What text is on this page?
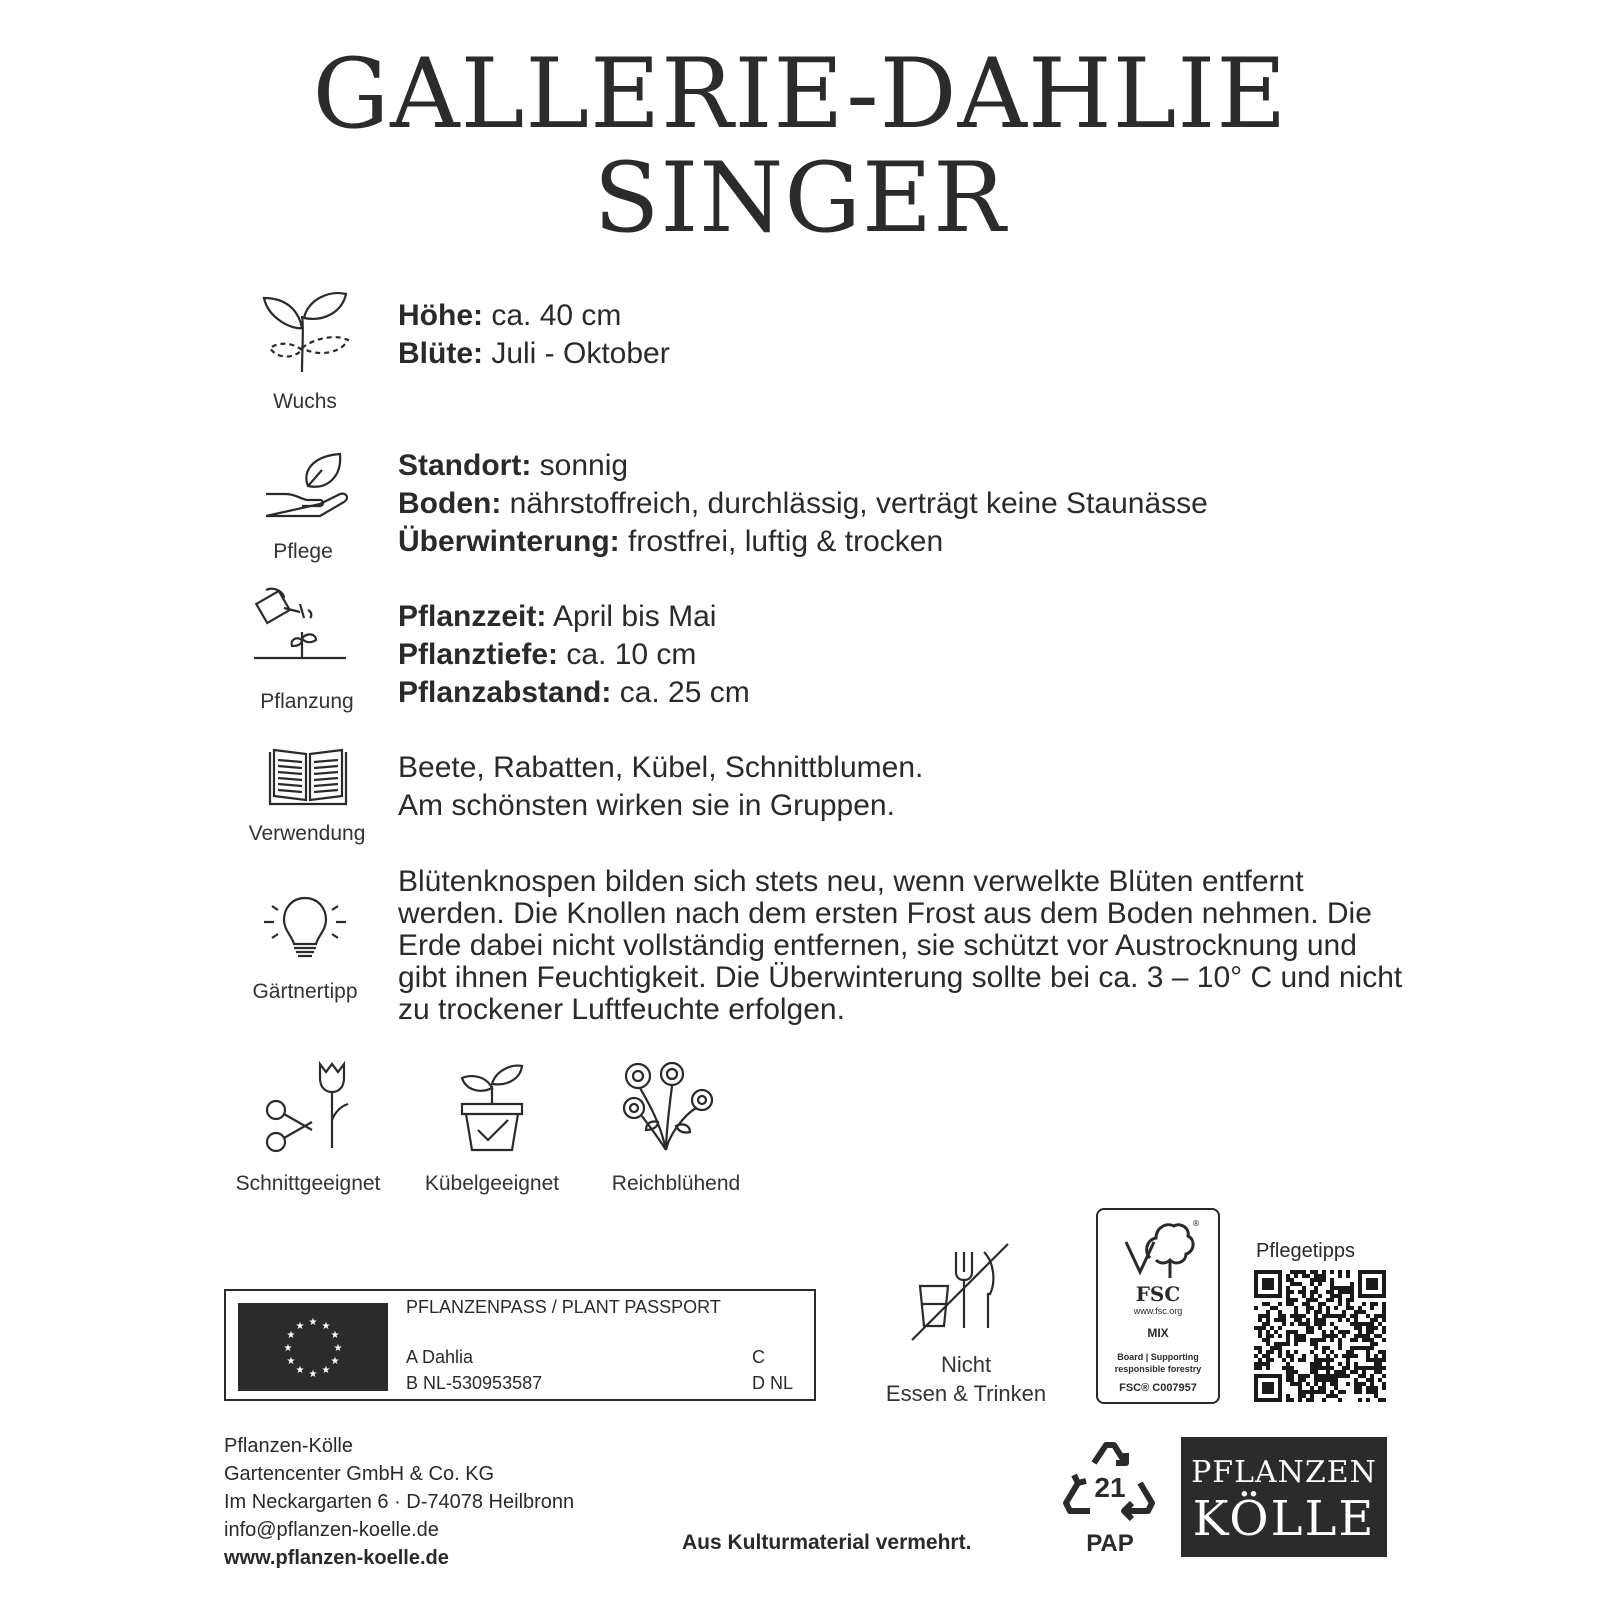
GALLERIE-DAHLIE
SINGER
Wuchs
Höhe: ca. 40 cm
Blüte: Juli - Oktober
Pflege
Standort: sonnig
Boden: nährstoffreich, durchlässig, verträgt keine Staunässe
Überwinterung: frostfrei, luftig & trocken
Pflanzung
Pflanzzeit: April bis Mai
Pflanztiefe: ca. 10 cm
Pflanzabstand: ca. 25 cm
Verwendung
Beete, Rabatten, Kübel, Schnittblumen.
Am schönsten wirken sie in Gruppen.
Gärtnertipp
Blütenknospen bilden sich stets neu, wenn verwelkte Blüten entfernt werden. Die Knollen nach dem ersten Frost aus dem Boden nehmen. Die Erde dabei nicht vollständig entfernen, sie schützt vor Austrocknung und gibt ihnen Feuchtigkeit. Die Überwinterung sollte bei ca. 3 – 10° C und nicht zu trockener Luftfeuchte erfolgen.
Schnittgeeignet	Kübelgeeignet	Reichblühend
★ ★
★
★
★
★
★
★
★
★
★
★
PFLANZENPASS / PLANT PASSPORT
A Dahlia
B NL-530953587
C
D NL
Nicht
Essen & Trinken
®
FSC
www.fsc.org
MIX
Board | Supporting
responsible forestry
FSC® C007957
Pflegetipps
Pflanzen-Kölle
Gartencenter GmbH & Co. KG
Im Neckargarten 6 · D-74078 Heilbronn
info@pflanzen-koelle.de
www.pflanzen-koelle.de
Aus Kulturmaterial vermehrt.
21
PAP
PFLANZEN
KÖLLE
